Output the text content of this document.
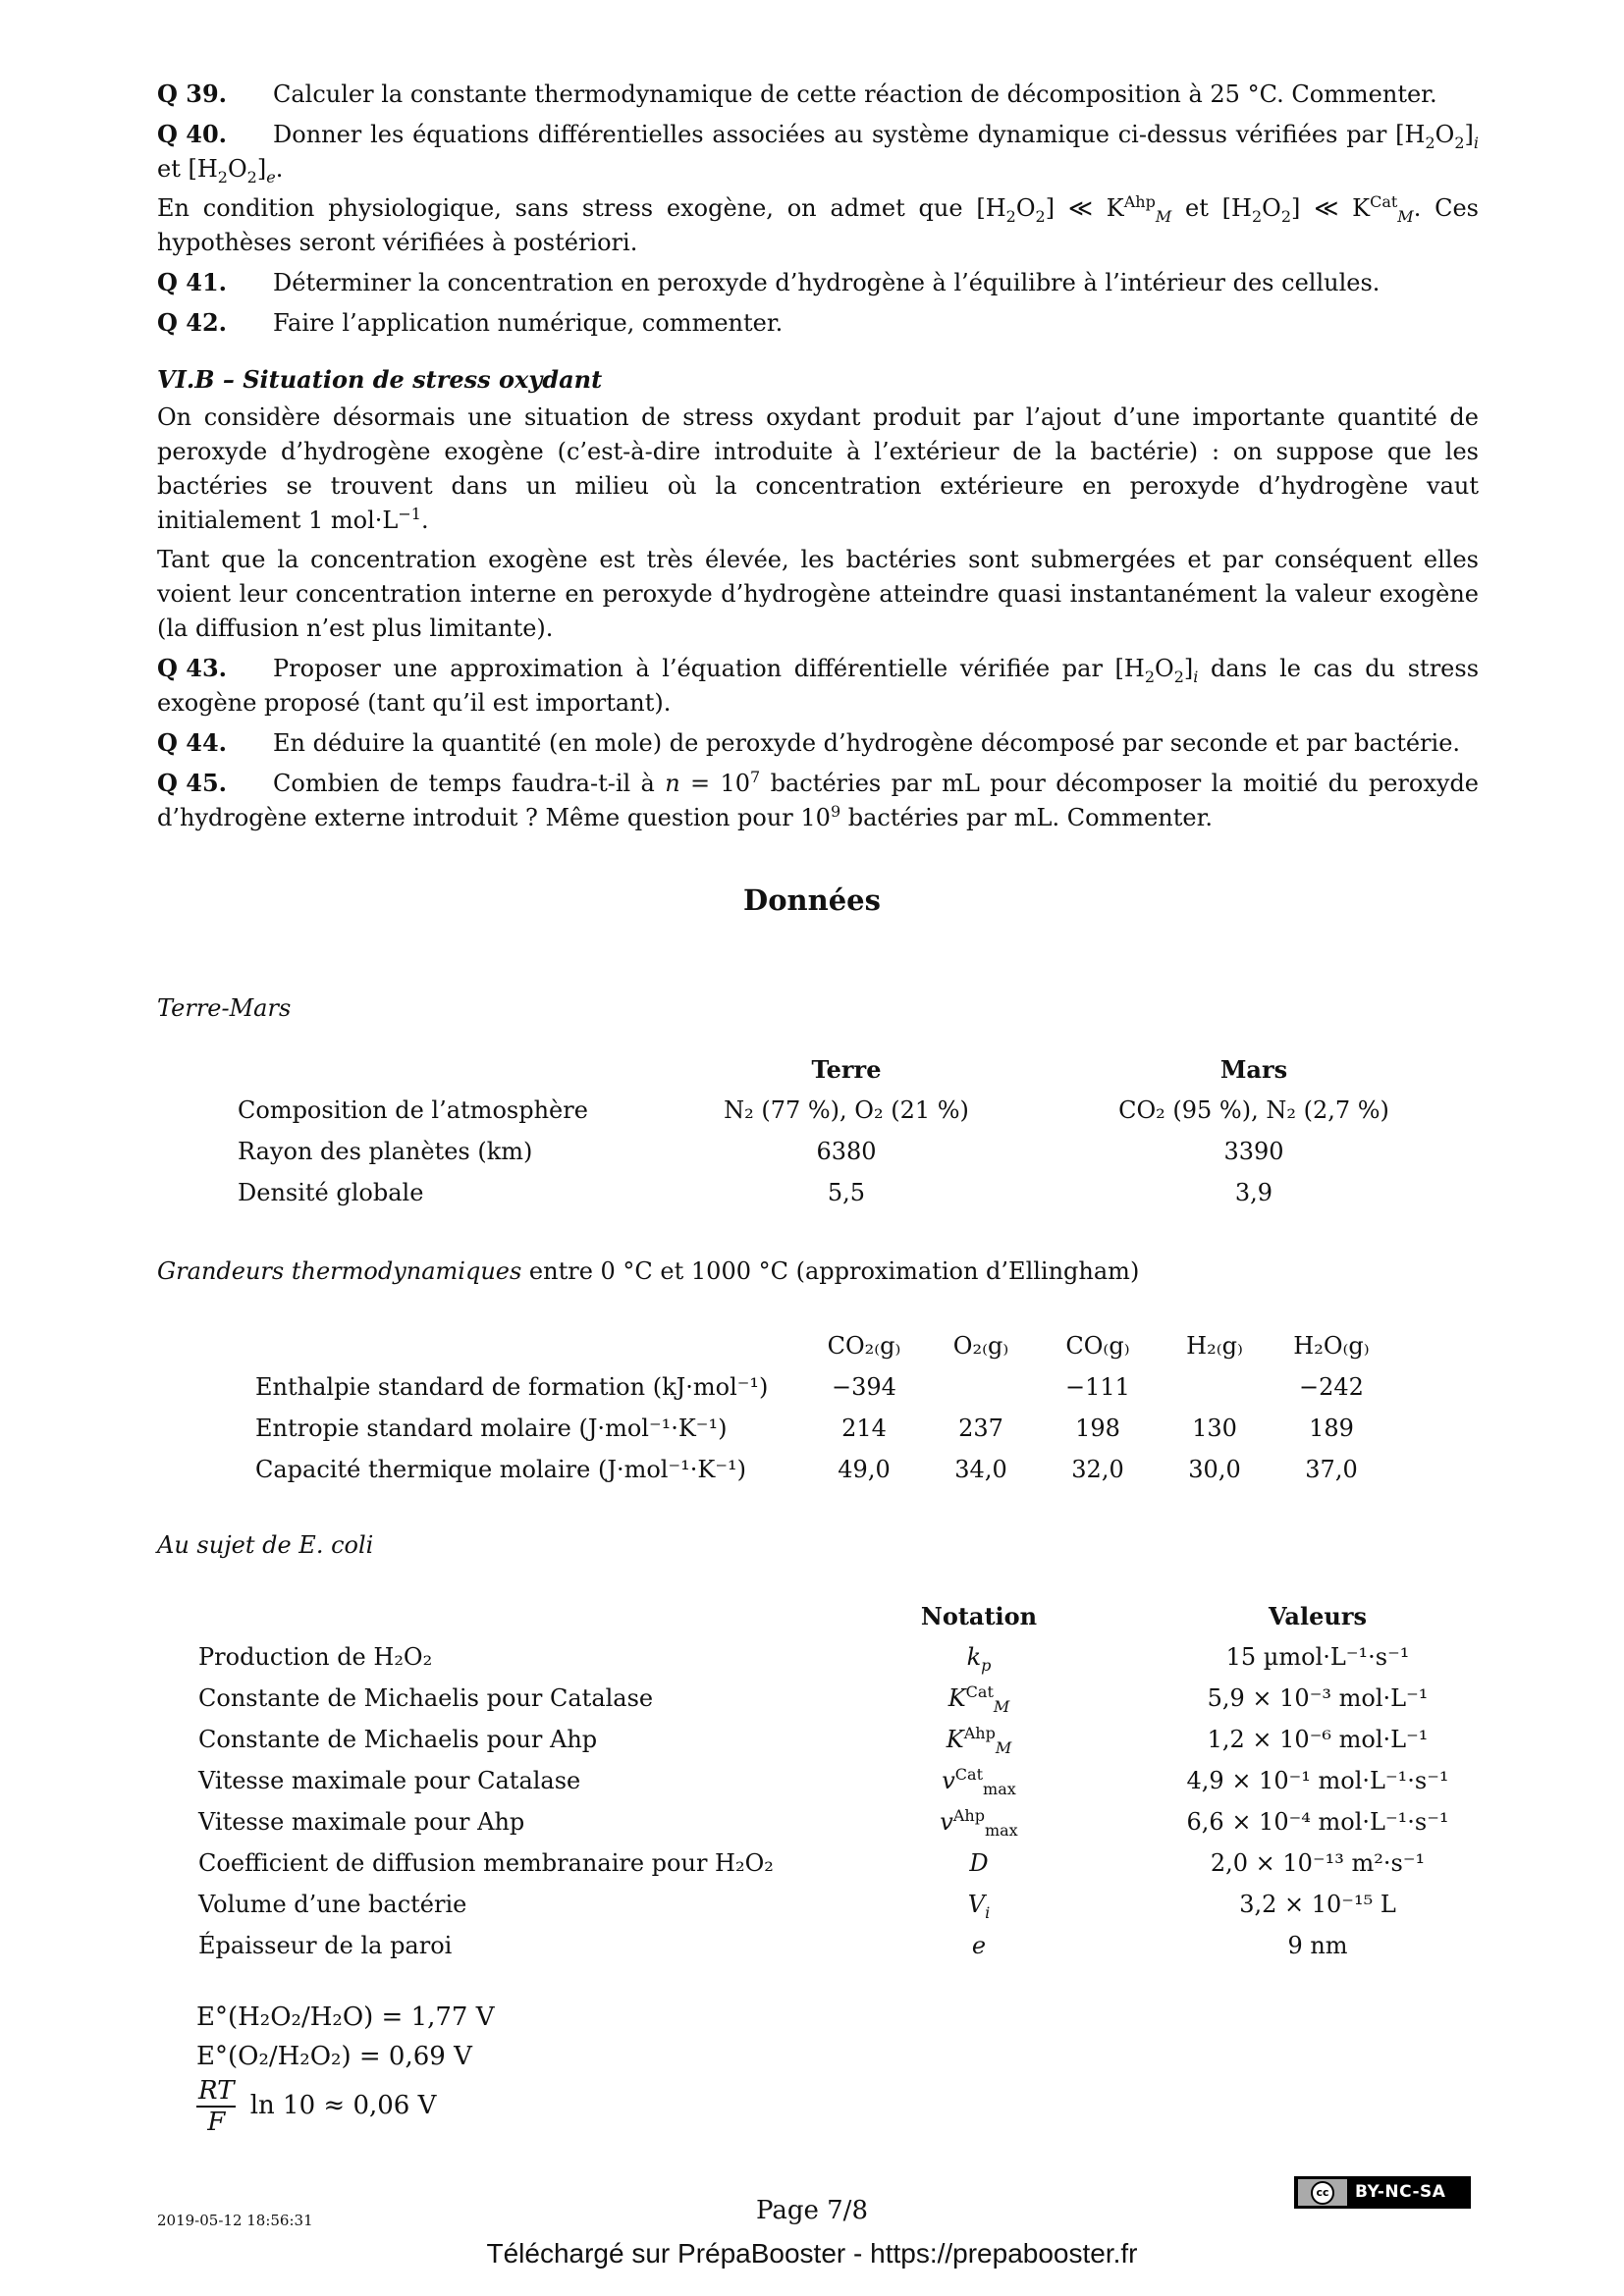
Q 39. Calculer la constante thermodynamique de cette réaction de décomposition à 25 °C. Commenter.
Q 40. Donner les équations différentielles associées au système dynamique ci-dessus vérifiées par $[H_2O_2]_i$ et $[H_2O_2]_e$.

En condition physiologique, sans stress exogène, on admet que $[H_2O_2]$ ≪ $K^{Ahp}_M$ et $[H_2O_2]$ ≪ $K^{Cat}_M$. Ces hypothèses seront vérifiées à postériori.

Q 41. Déterminer la concentration en peroxyde d’hydrogène à l’équilibre à l’intérieur des cellules.
Q 42. Faire l’application numérique, commenter.
VI.B – Situation de stress oxydant

On considère désormais une situation de stress oxydant produit par l’ajout d’une importante quantité de peroxyde d’hydrogène exogène (c’est-à-dire introduite à l’extérieur de la bactérie) : on suppose que les bactéries se trouvent dans un milieu où la concentration extérieure en peroxyde d’hydrogène vaut initialement 1 $mol\cdot L^{-1}$.

Tant que la concentration exogène est très élevée, les bactéries sont submergées et par conséquent elles voient leur concentration interne en peroxyde d’hydrogène atteindre quasi instantanément la valeur exogène (la diffusion n’est plus limitante).

Q 43. Proposer une approximation à l’équation différentielle vérifiée par $[H_2O_2]_i$ dans le cas du stress exogène proposé (tant qu’il est important).
Q 44. En déduire la quantité (en mole) de peroxyde d’hydrogène décomposé par seconde et par bactérie.
Q 45. Combien de temps faudra-t-il à $n = 10^7$ bactéries par mL pour décomposer la moitié du peroxyde d’hydrogène externe introduit ? Même question pour $10^9$ bactéries par mL. Commenter.
Données
Terre-Mars
	Terre	Mars
Composition de l’atmosphère	N₂ (77 %), O₂ (21 %)	CO₂ (95 %), N₂ (2,7 %)
Rayon des planètes (km)	6380	3390
Densité globale	5,5	3,9
Grandeurs thermodynamiques entre 0 °C et 1000 °C (approximation d’Ellingham)
	CO₂₍g₎	O₂₍g₎	CO₍g₎	H₂₍g₎	H₂O₍g₎
Enthalpie standard de formation (kJ·mol⁻¹)	−394		−111		−242
Entropie standard molaire (J·mol⁻¹·K⁻¹)	214	237	198	130	189
Capacité thermique molaire (J·mol⁻¹·K⁻¹)	49,0	34,0	32,0	30,0	37,0
Au sujet de E. coli
	Notation	Valeurs
Production de H₂O₂	$k_p$	15 µmol·L⁻¹·s⁻¹
Constante de Michaelis pour Catalase	$K^{Cat}_M$	5,9 × 10⁻³ mol·L⁻¹
Constante de Michaelis pour Ahp	$K^{Ahp}_M$	1,2 × 10⁻⁶ mol·L⁻¹
Vitesse maximale pour Catalase	$v^{Cat}_{max}$	4,9 × 10⁻¹ mol·L⁻¹·s⁻¹
Vitesse maximale pour Ahp	$v^{Ahp}_{max}$	6,6 × 10⁻⁴ mol·L⁻¹·s⁻¹
Coefficient de diffusion membranaire pour H₂O₂	D	2,0 × 10⁻¹³ m²·s⁻¹
Volume d’une bactérie	$V_i$	3,2 × 10⁻¹⁵ L
Épaisseur de la paroi	e	9 nm
E°(H₂O₂/H₂O) = 1,77 V
E°(O₂/H₂O₂) = 0,69 V
$\frac{RT}{F}$ ln 10 ≈ 0,06 V
2019-05-12 18:56:31	Page 7/8
cc	BY-NC-SA
Téléchargé sur PrépaBooster - https://prepabooster.fr
